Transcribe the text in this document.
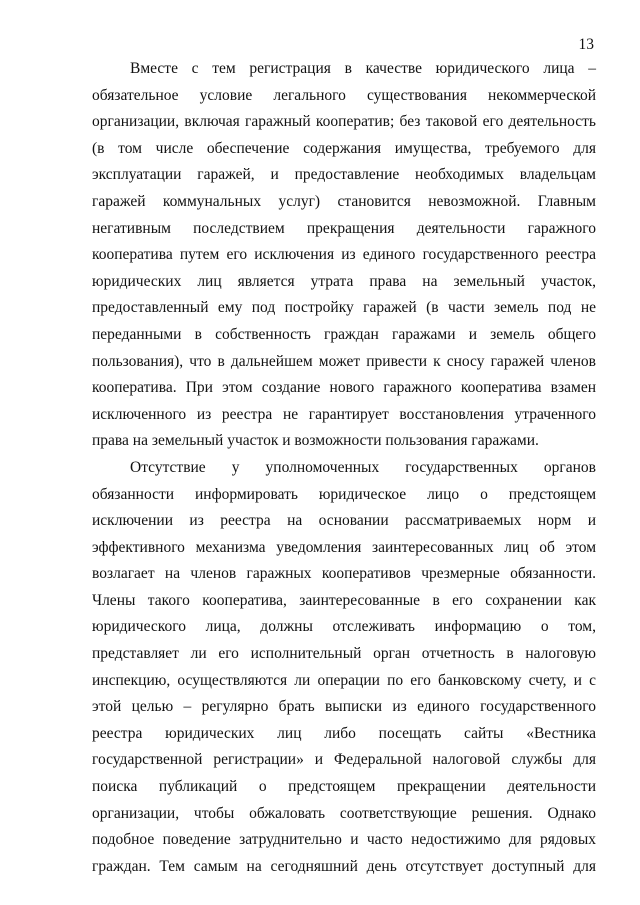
13

Вместе с тем регистрация в качестве юридического лица –
обязательное условие легального существования некоммерческой
организации, включая гаражный кооператив; без таковой его деятельность
(в том числе обеспечение содержания имущества, требуемого для
эксплуатации гаражей, и предоставление необходимых владельцам
гаражей коммунальных услуг) становится невозможной. Главным
негативным последствием прекращения деятельности гаражного
кооператива путем его исключения из единого государственного реестра
юридических лиц является утрата права на земельный участок,
предоставленный ему под постройку гаражей (в части земель под не
переданными в собственность граждан гаражами и земель общего
пользования), что в дальнейшем может привести к сносу гаражей членов
кооператива. При этом создание нового гаражного кооператива взамен
исключенного из реестра не гарантирует восстановления утраченного
права на земельный участок и возможности пользования гаражами.

Отсутствие у уполномоченных государственных органов
обязанности информировать юридическое лицо о предстоящем
исключении из реестра на основании рассматриваемых норм и
эффективного механизма уведомления заинтересованных лиц об этом
возлагает на членов гаражных кооперативов чрезмерные обязанности.
Члены такого кооператива, заинтересованные в его сохранении как
юридического лица, должны отслеживать информацию о том,
представляет ли его исполнительный орган отчетность в налоговую
инспекцию, осуществляются ли операции по его банковскому счету, и с
этой целью – регулярно брать выписки из единого государственного
реестра юридических лиц либо посещать сайты «Вестника
государственной регистрации» и Федеральной налоговой службы для
поиска публикаций о предстоящем прекращении деятельности
организации, чтобы обжаловать соответствующие решения. Однако
подобное поведение затруднительно и часто недостижимо для рядовых
граждан. Тем самым на сегодняшний день отсутствует доступный для
